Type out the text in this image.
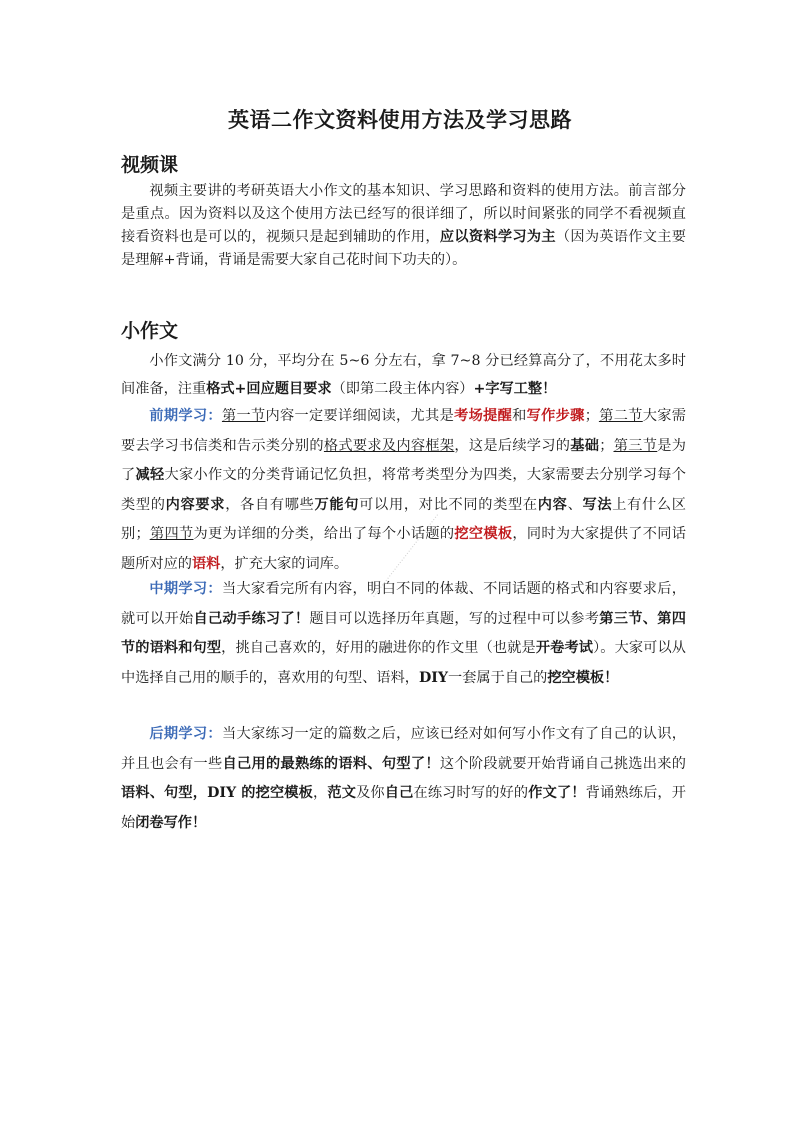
英语二作文资料使用方法及学习思路
视频课
视频主要讲的考研英语大小作文的基本知识、学习思路和资料的使用方法。前言部分是重点。因为资料以及这个使用方法已经写的很详细了，所以时间紧张的同学不看视频直接看资料也是可以的，视频只是起到辅助的作用，应以资料学习为主（因为英语作文主要是理解+背诵，背诵是需要大家自己花时间下功夫的）。
小作文
小作文满分 10 分，平均分在 5~6 分左右，拿 7~8 分已经算高分了，不用花太多时间准备，注重格式+回应题目要求（即第二段主体内容）+字写工整！
前期学习：第一节内容一定要详细阅读，尤其是考场提醒和写作步骤；第二节大家需要去学习书信类和告示类分别的格式要求及内容框架，这是后续学习的基础；第三节是为了减轻大家小作文的分类背诵记忆负担，将常考类型分为四类，大家需要去分别学习每个类型的内容要求，各自有哪些万能句可以用，对比不同的类型在内容、写法上有什么区别；第四节为更为详细的分类，给出了每个小话题的挖空模板，同时为大家提供了不同话题所对应的语料，扩充大家的词库。
中期学习：当大家看完所有内容，明白不同的体裁、不同话题的格式和内容要求后，就可以开始自己动手练习了！题目可以选择历年真题，写的过程中可以参考第三节、第四节的语料和句型，挑自己喜欢的，好用的融进你的作文里（也就是开卷考试）。大家可以从中选择自己用的顺手的，喜欢用的句型、语料，DIY一套属于自己的挖空模板！
后期学习：当大家练习一定的篇数之后，应该已经对如何写小作文有了自己的认识，并且也会有一些自己用的最熟练的语料、句型了！这个阶段就要开始背诵自己挑选出来的语料、句型，DIY 的挖空模板，范文及你自己在练习时写的好的作文了！背诵熟练后，开始闭卷写作！
·····································
